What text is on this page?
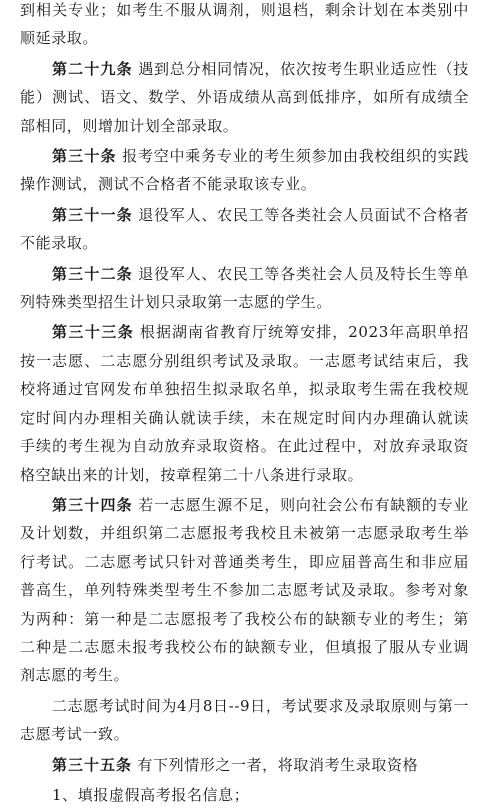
到相关专业；如考生不服从调剂，则退档，剩余计划在本类别中顺延录取。

第二十九条 遇到总分相同情况，依次按考生职业适应性（技能）测试、语文、数学、外语成绩从高到低排序，如所有成绩全部相同，则增加计划全部录取。

第三十条 报考空中乘务专业的考生须参加由我校组织的实践操作测试，测试不合格者不能录取该专业。

第三十一条 退役军人、农民工等各类社会人员面试不合格者不能录取。

第三十二条 退役军人、农民工等各类社会人员及特长生等单列特殊类型招生计划只录取第一志愿的学生。

第三十三条 根据湖南省教育厅统筹安排，2023年高职单招按一志愿、二志愿分别组织考试及录取。一志愿考试结束后，我校将通过官网发布单独招生拟录取名单，拟录取考生需在我校规定时间内办理相关确认就读手续，未在规定时间内办理确认就读手续的考生视为自动放弃录取资格。在此过程中，对放弃录取资格空缺出来的计划，按章程第二十八条进行录取。

第三十四条 若一志愿生源不足，则向社会公布有缺额的专业及计划数，并组织第二志愿报考我校且未被第一志愿录取考生举行考试。二志愿考试只针对普通类考生，即应届普高生和非应届普高生，单列特殊类型考生不参加二志愿考试及录取。参考对象为两种：第一种是二志愿报考了我校公布的缺额专业的考生；第二种是二志愿未报考我校公布的缺额专业，但填报了服从专业调剂志愿的考生。

二志愿考试时间为4月8日--9日，考试要求及录取原则与第一志愿考试一致。

第三十五条 有下列情形之一者，将取消考生录取资格

1、填报虚假高考报名信息；
